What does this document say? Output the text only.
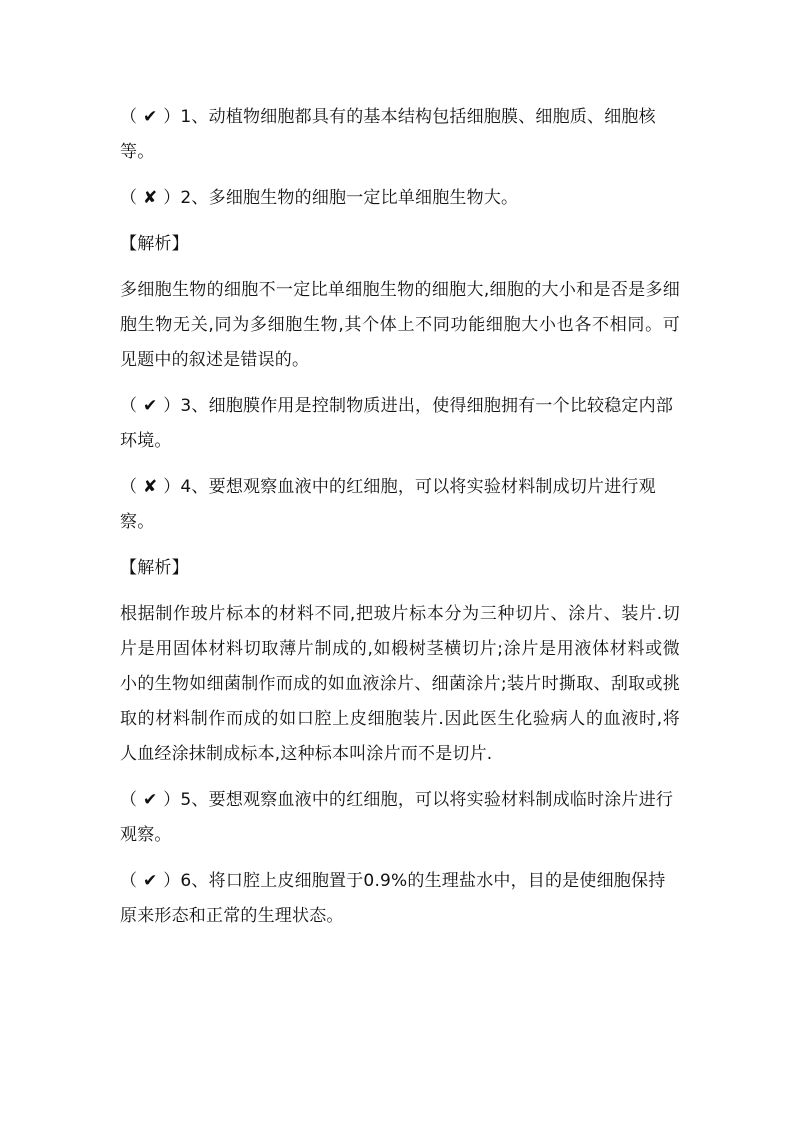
（ ✔ ）1、动植物细胞都具有的基本结构包括细胞膜、细胞质、细胞核等。
（ ✘ ）2、多细胞生物的细胞一定比单细胞生物大。
【解析】
多细胞生物的细胞不一定比单细胞生物的细胞大,细胞的大小和是否是多细胞生物无关,同为多细胞生物,其个体上不同功能细胞大小也各不相同。可见题中的叙述是错误的。
（ ✔ ）3、细胞膜作用是控制物质进出，使得细胞拥有一个比较稳定内部环境。
（ ✘ ）4、要想观察血液中的红细胞，可以将实验材料制成切片进行观察。
【解析】
根据制作玻片标本的材料不同,把玻片标本分为三种切片、涂片、装片.切片是用固体材料切取薄片制成的,如椴树茎横切片;涂片是用液体材料或微小的生物如细菌制作而成的如血液涂片、细菌涂片;装片时撕取、刮取或挑取的材料制作而成的如口腔上皮细胞装片.因此医生化验病人的血液时,将人血经涂抹制成标本,这种标本叫涂片而不是切片.
（ ✔ ）5、要想观察血液中的红细胞，可以将实验材料制成临时涂片进行观察。
（ ✔ ）6、将口腔上皮细胞置于0.9%的生理盐水中，目的是使细胞保持原来形态和正常的生理状态。
